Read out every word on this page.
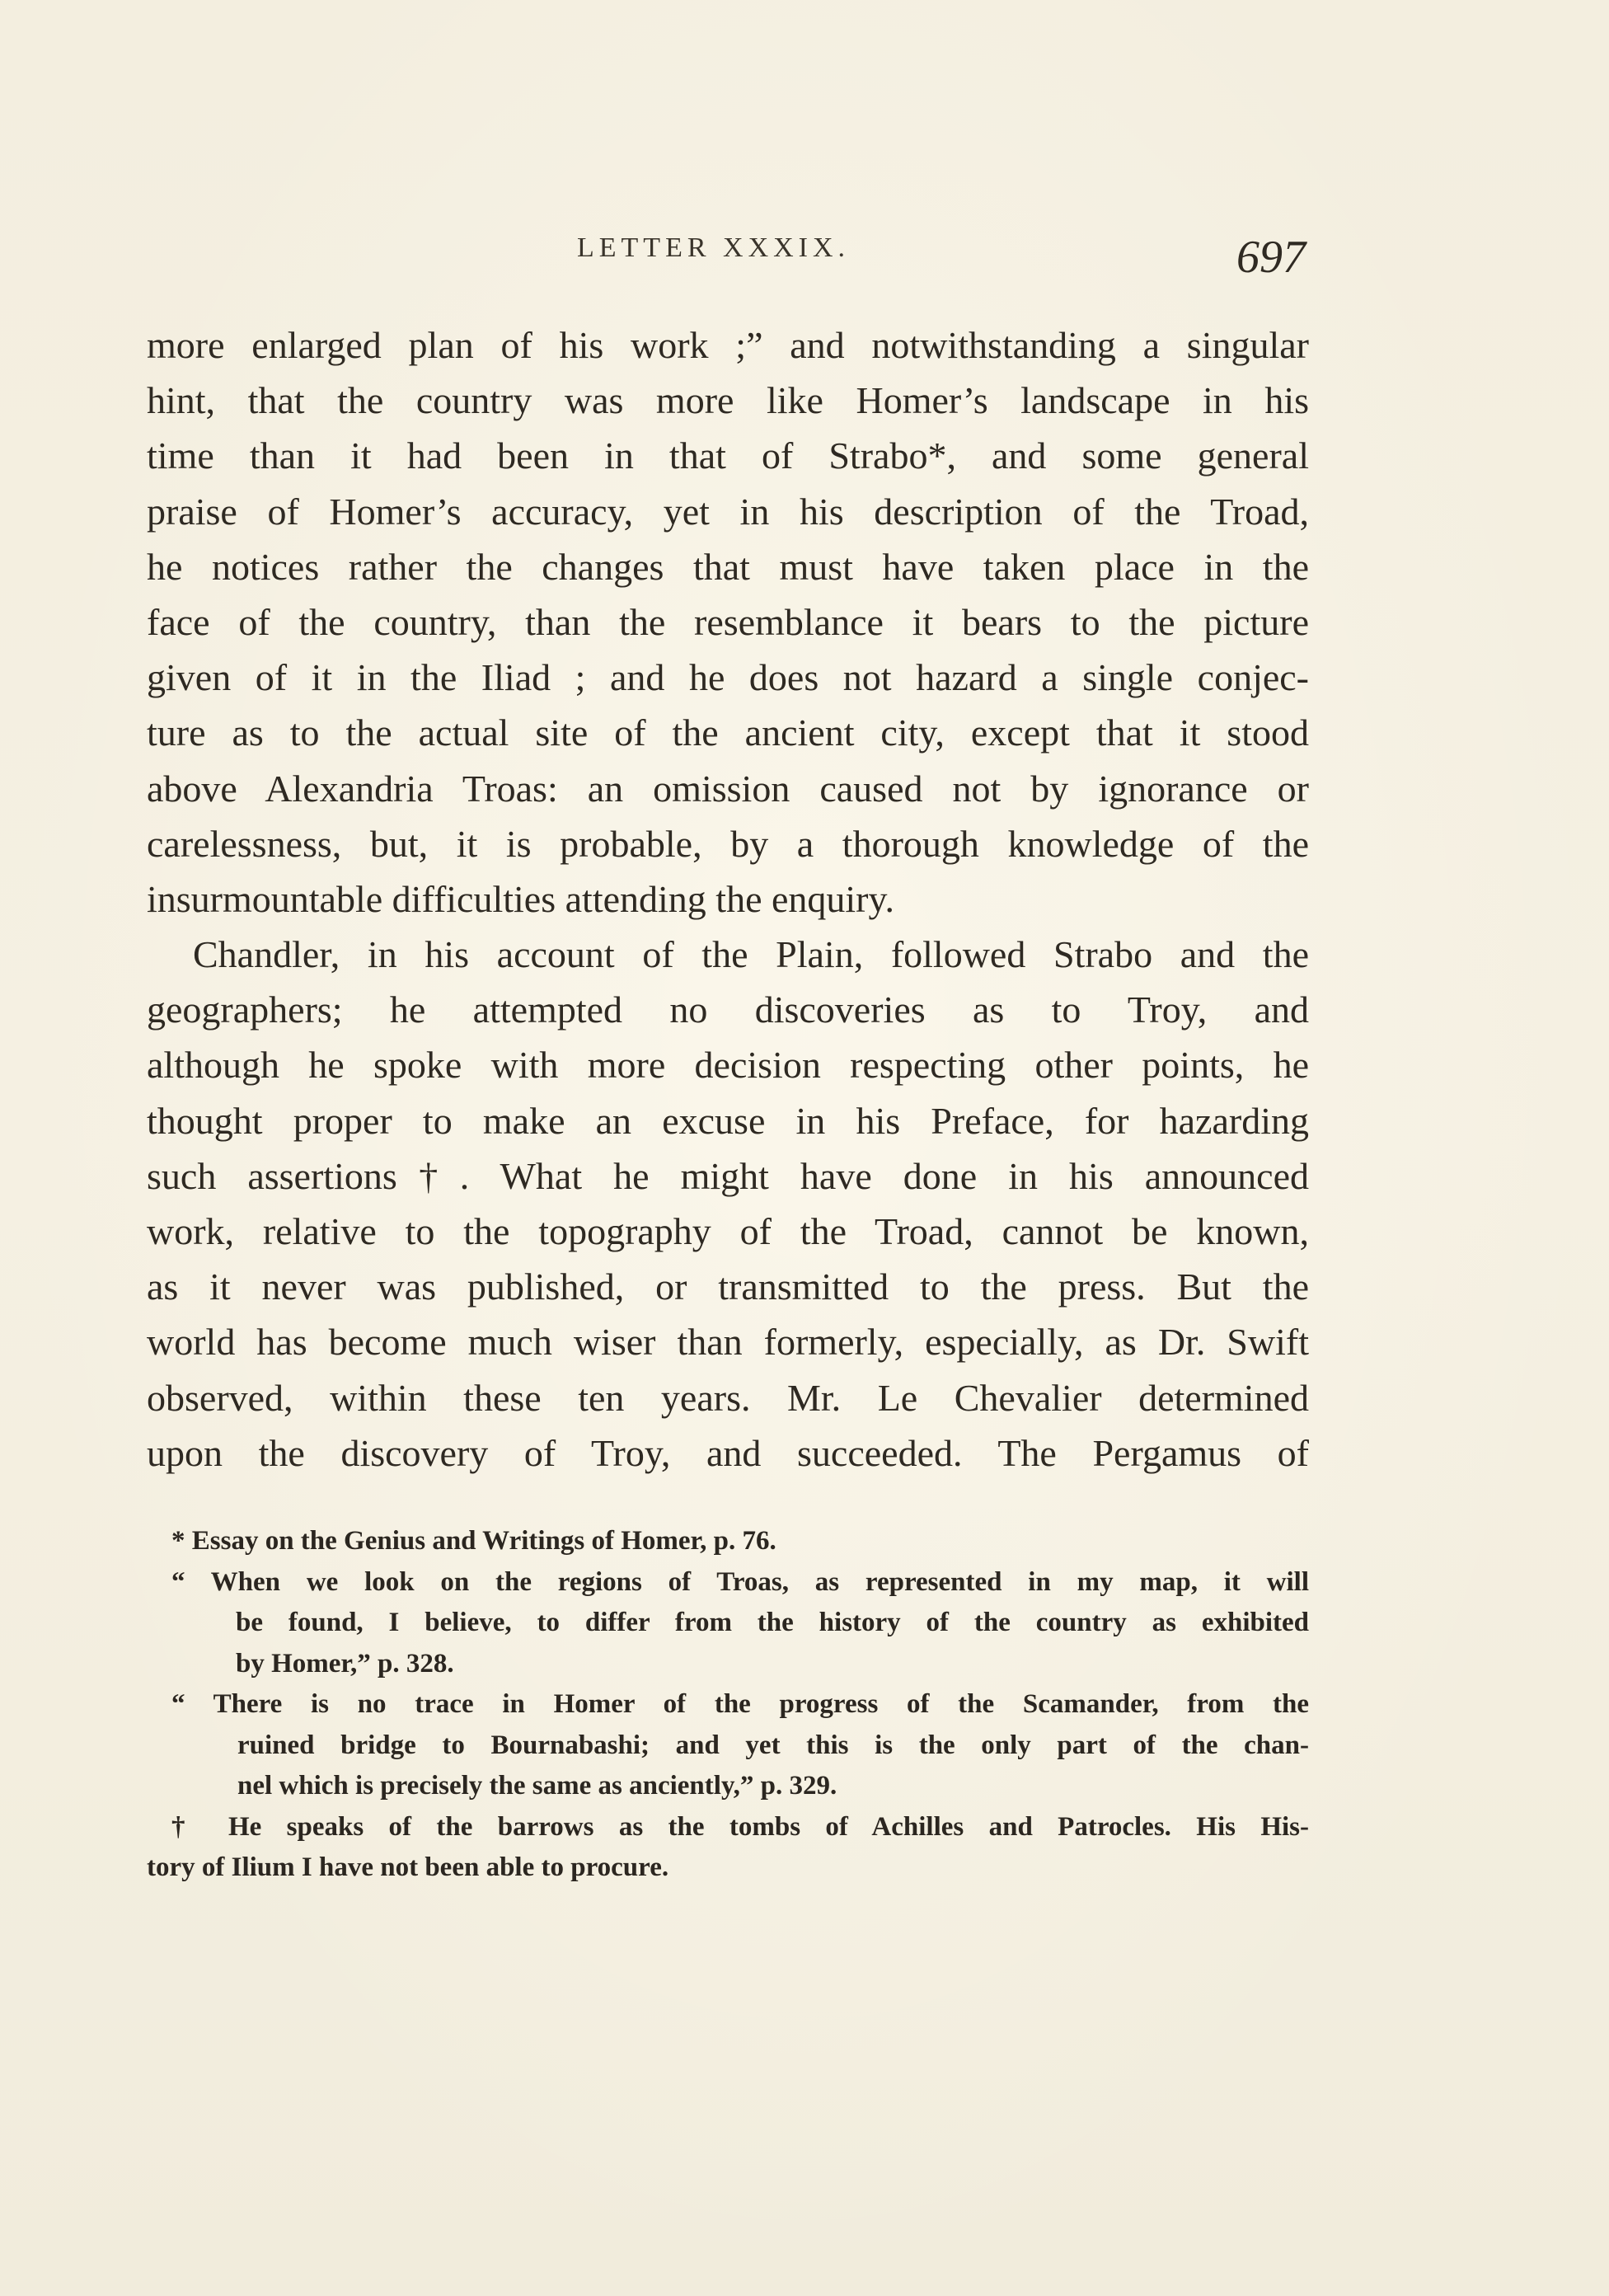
LETTER XXXIX.	697
more enlarged plan of his work ;” and notwithstanding a singular
hint, that the country was more like Homer’s landscape in his
time than it had been in that of Strabo*, and some general
praise of Homer’s accuracy, yet in his description of the Troad,
he notices rather the changes that must have taken place in the
face of the country, than the resemblance it bears to the picture
given of it in the Iliad ; and he does not hazard a single conjec-
ture as to the actual site of the ancient city, except that it stood
above Alexandria Troas: an omission caused not by ignorance or
carelessness, but, it is probable, by a thorough knowledge of the
insurmountable difficulties attending the enquiry.
Chandler, in his account of the Plain, followed Strabo and the
geographers; he attempted no discoveries as to Troy, and
although he spoke with more decision respecting other points, he
thought proper to make an excuse in his Preface, for hazarding
such assertions†. What he might have done in his announced
work, relative to the topography of the Troad, cannot be known,
as it never was published, or transmitted to the press. But the
world has become much wiser than formerly, especially, as Dr. Swift
observed, within these ten years. Mr. Le Chevalier determined
upon the discovery of Troy, and succeeded. The Pergamus of
* Essay on the Genius and Writings of Homer, p. 76.
“ When we look on the regions of Troas, as represented in my map, it will
be found, I believe, to differ from the history of the country as exhibited
by Homer,” p. 328.
“ There is no trace in Homer of the progress of the Scamander, from the
ruined bridge to Bournabashi; and yet this is the only part of the chan-
nel which is precisely the same as anciently,” p. 329.
† He speaks of the barrows as the tombs of Achilles and Patrocles. His His-
tory of Ilium I have not been able to procure.
